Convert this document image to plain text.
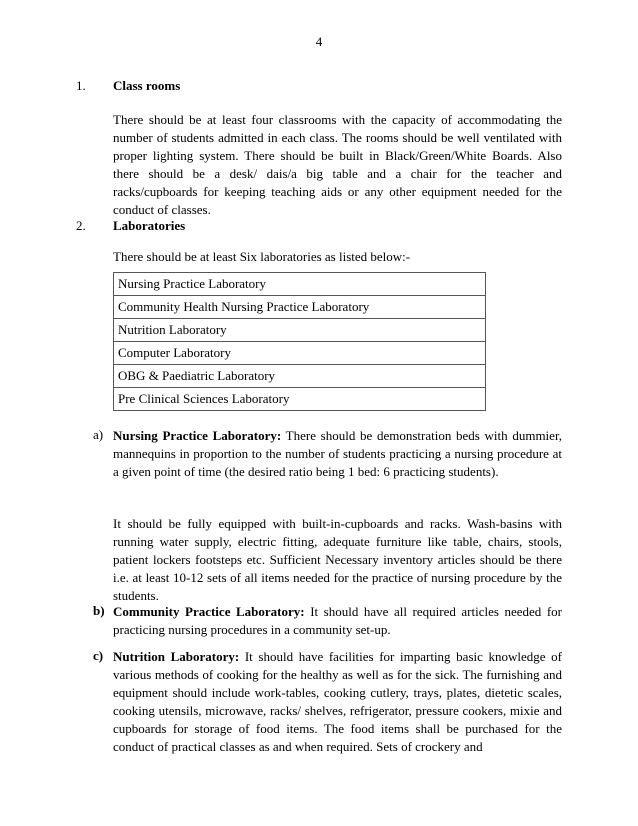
4
1. Class rooms
There should be at least four classrooms with the capacity of accommodating the number of students admitted in each class. The rooms should be well ventilated with proper lighting system. There should be built in Black/Green/White Boards. Also there should be a desk/ dais/a big table and a chair for the teacher and racks/cupboards for keeping teaching aids or any other equipment needed for the conduct of classes.
2. Laboratories
There should be at least Six laboratories as listed below:-
Nursing Practice Laboratory
Community Health Nursing Practice Laboratory
Nutrition Laboratory
Computer Laboratory
OBG & Paediatric Laboratory
Pre Clinical Sciences Laboratory
a) Nursing Practice Laboratory: There should be demonstration beds with dummier, mannequins in proportion to the number of students practicing a nursing procedure at a given point of time (the desired ratio being 1 bed: 6 practicing students).
It should be fully equipped with built-in-cupboards and racks. Wash-basins with running water supply, electric fitting, adequate furniture like table, chairs, stools, patient lockers footsteps etc. Sufficient Necessary inventory articles should be there i.e. at least 10-12 sets of all items needed for the practice of nursing procedure by the students.
b) Community Practice Laboratory: It should have all required articles needed for practicing nursing procedures in a community set-up.
c) Nutrition Laboratory: It should have facilities for imparting basic knowledge of various methods of cooking for the healthy as well as for the sick. The furnishing and equipment should include work-tables, cooking cutlery, trays, plates, dietetic scales, cooking utensils, microwave, racks/ shelves, refrigerator, pressure cookers, mixie and cupboards for storage of food items. The food items shall be purchased for the conduct of practical classes as and when required. Sets of crockery and
